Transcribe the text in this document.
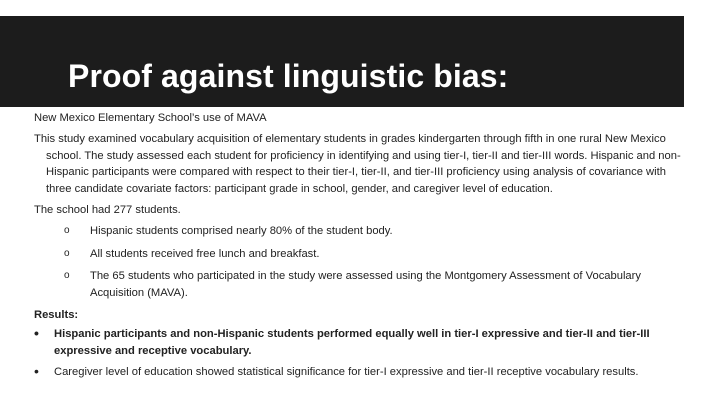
Proof against linguistic bias:
New Mexico Elementary School’s use of MAVA
This study examined vocabulary acquisition of elementary students in grades kindergarten through fifth in one rural New Mexico school. The study assessed each student for proficiency in identifying and using tier-I, tier-II and tier-III words. Hispanic and non-Hispanic participants were compared with respect to their tier-I, tier-II, and tier-III proficiency using analysis of covariance with three candidate covariate factors: participant grade in school, gender, and caregiver level of education.
The school had 277 students.
o Hispanic students comprised nearly 80% of the student body.
o All students received free lunch and breakfast.
o The 65 students who participated in the study were assessed using the Montgomery Assessment of Vocabulary Acquisition (MAVA).
Results:
• Hispanic participants and non-Hispanic students performed equally well in tier-I expressive and tier-II and tier-III expressive and receptive vocabulary.
• Caregiver level of education showed statistical significance for tier-I expressive and tier-II receptive vocabulary results.
